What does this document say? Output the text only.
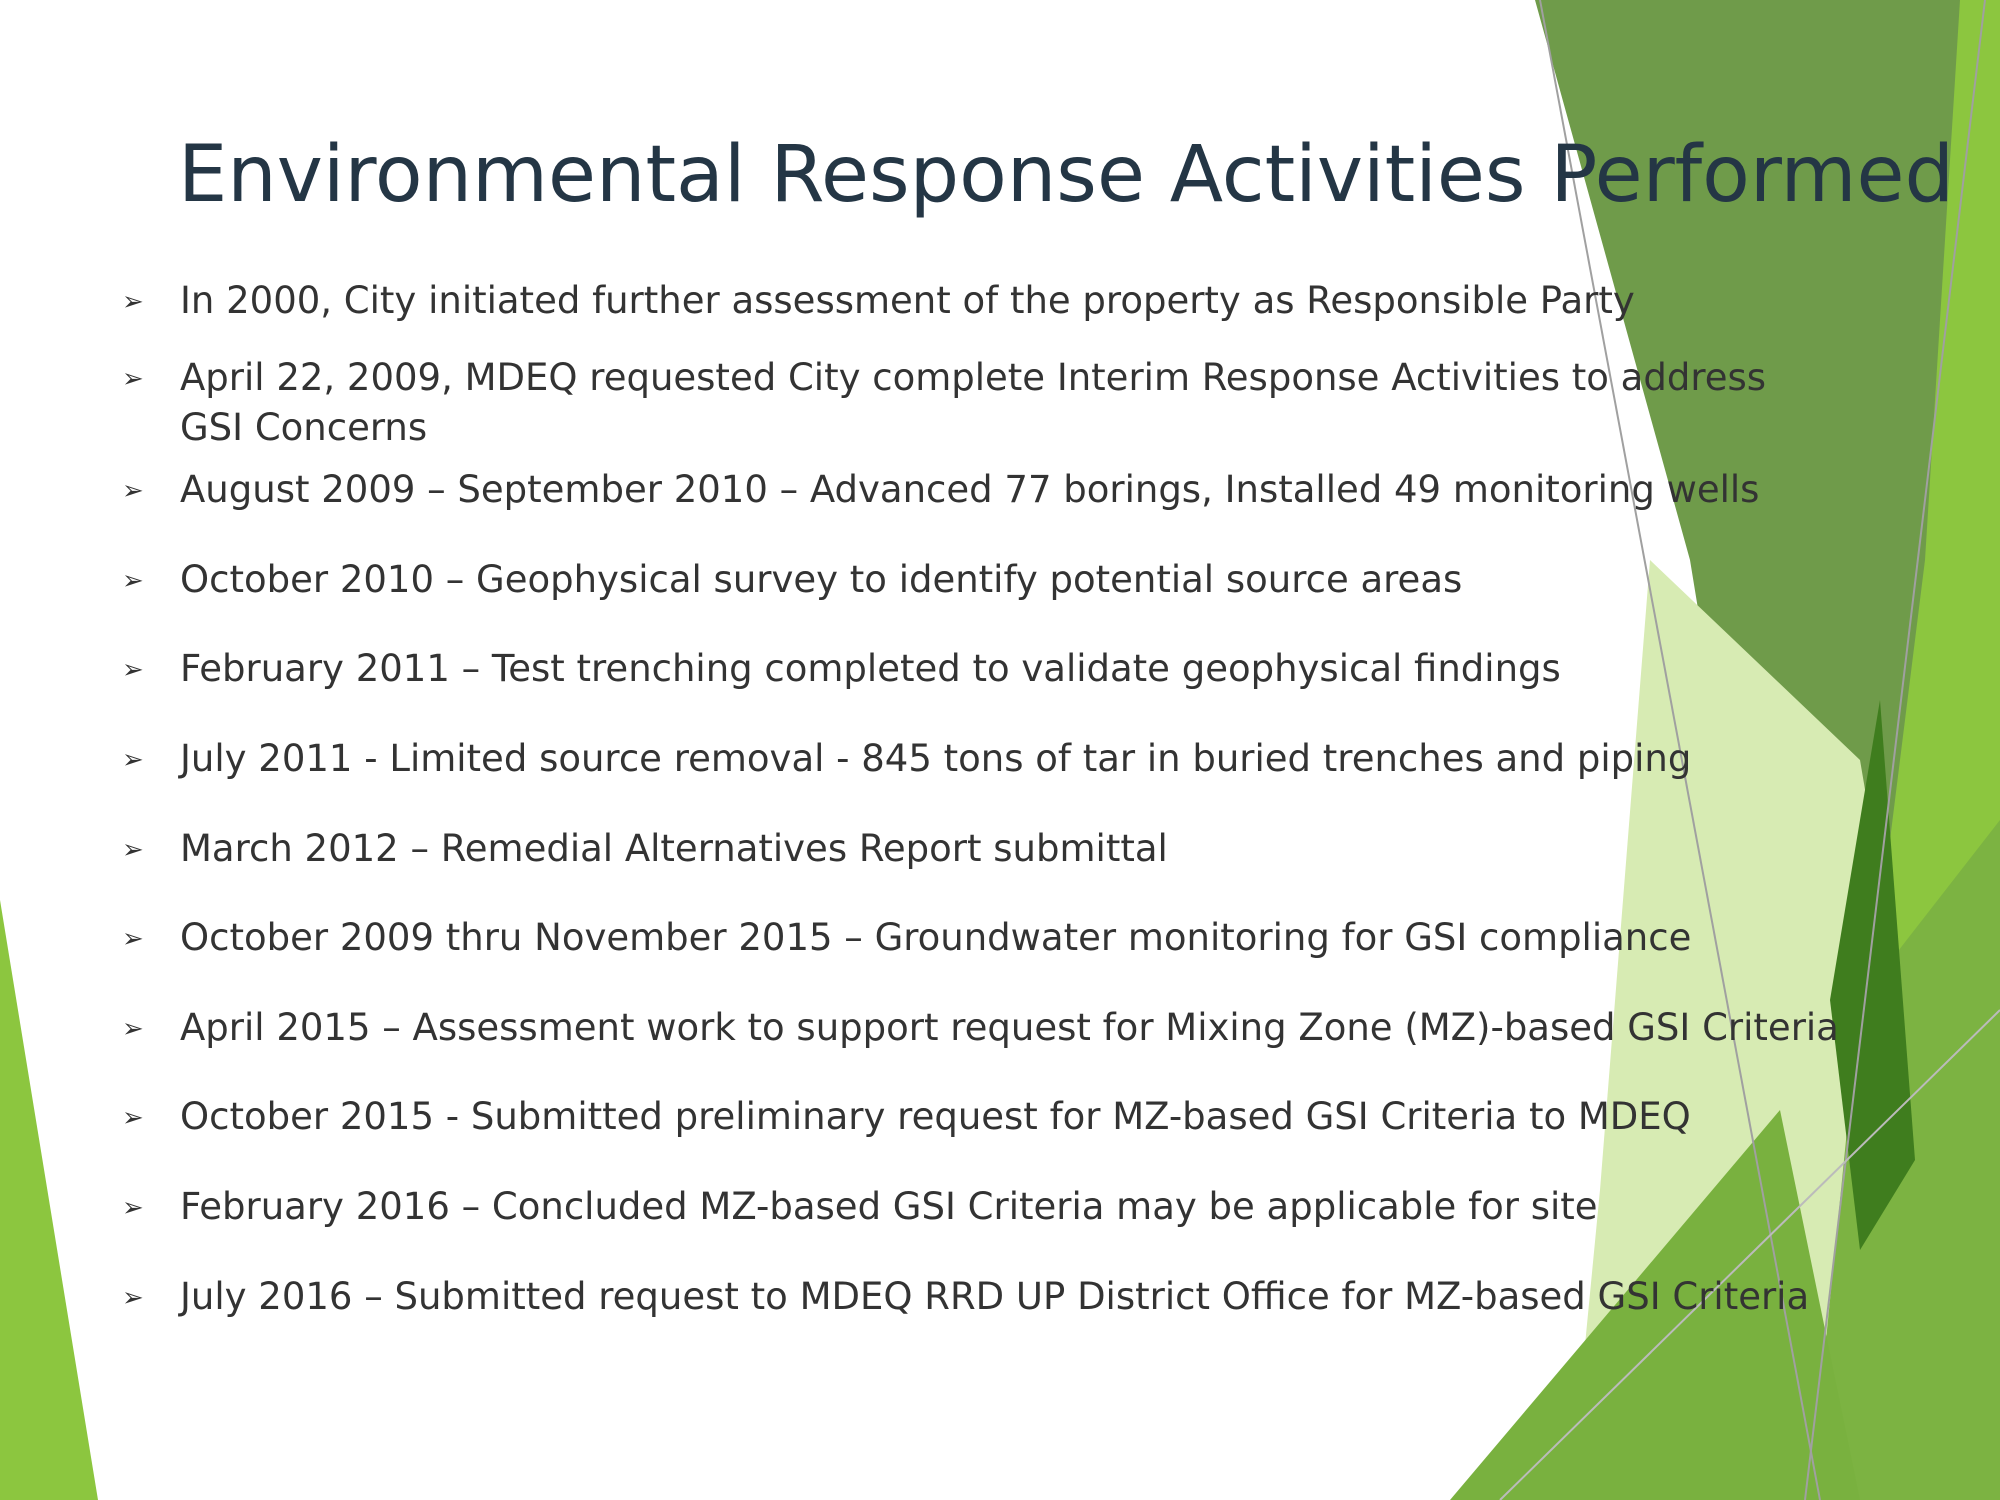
Environmental Response Activities Performed
➢ In 2000, City initiated further assessment of the property as Responsible Party
➢ April 22, 2009, MDEQ requested City complete Interim Response Activities to address GSI Concerns
➢ August 2009 – September 2010 – Advanced 77 borings, Installed 49 monitoring wells
➢ October 2010 – Geophysical survey to identify potential source areas
➢ February 2011 – Test trenching completed to validate geophysical findings
➢ July 2011 - Limited source removal - 845 tons of tar in buried trenches and piping
➢ March 2012 – Remedial Alternatives Report submittal
➢ October 2009 thru November 2015 – Groundwater monitoring for GSI compliance
➢ April 2015 – Assessment work to support request for Mixing Zone (MZ)-based GSI Criteria
➢ October 2015 - Submitted preliminary request for MZ-based GSI Criteria to MDEQ
➢ February 2016 – Concluded MZ-based GSI Criteria may be applicable for site
➢ July 2016 – Submitted request to MDEQ RRD UP District Office for MZ-based GSI Criteria
